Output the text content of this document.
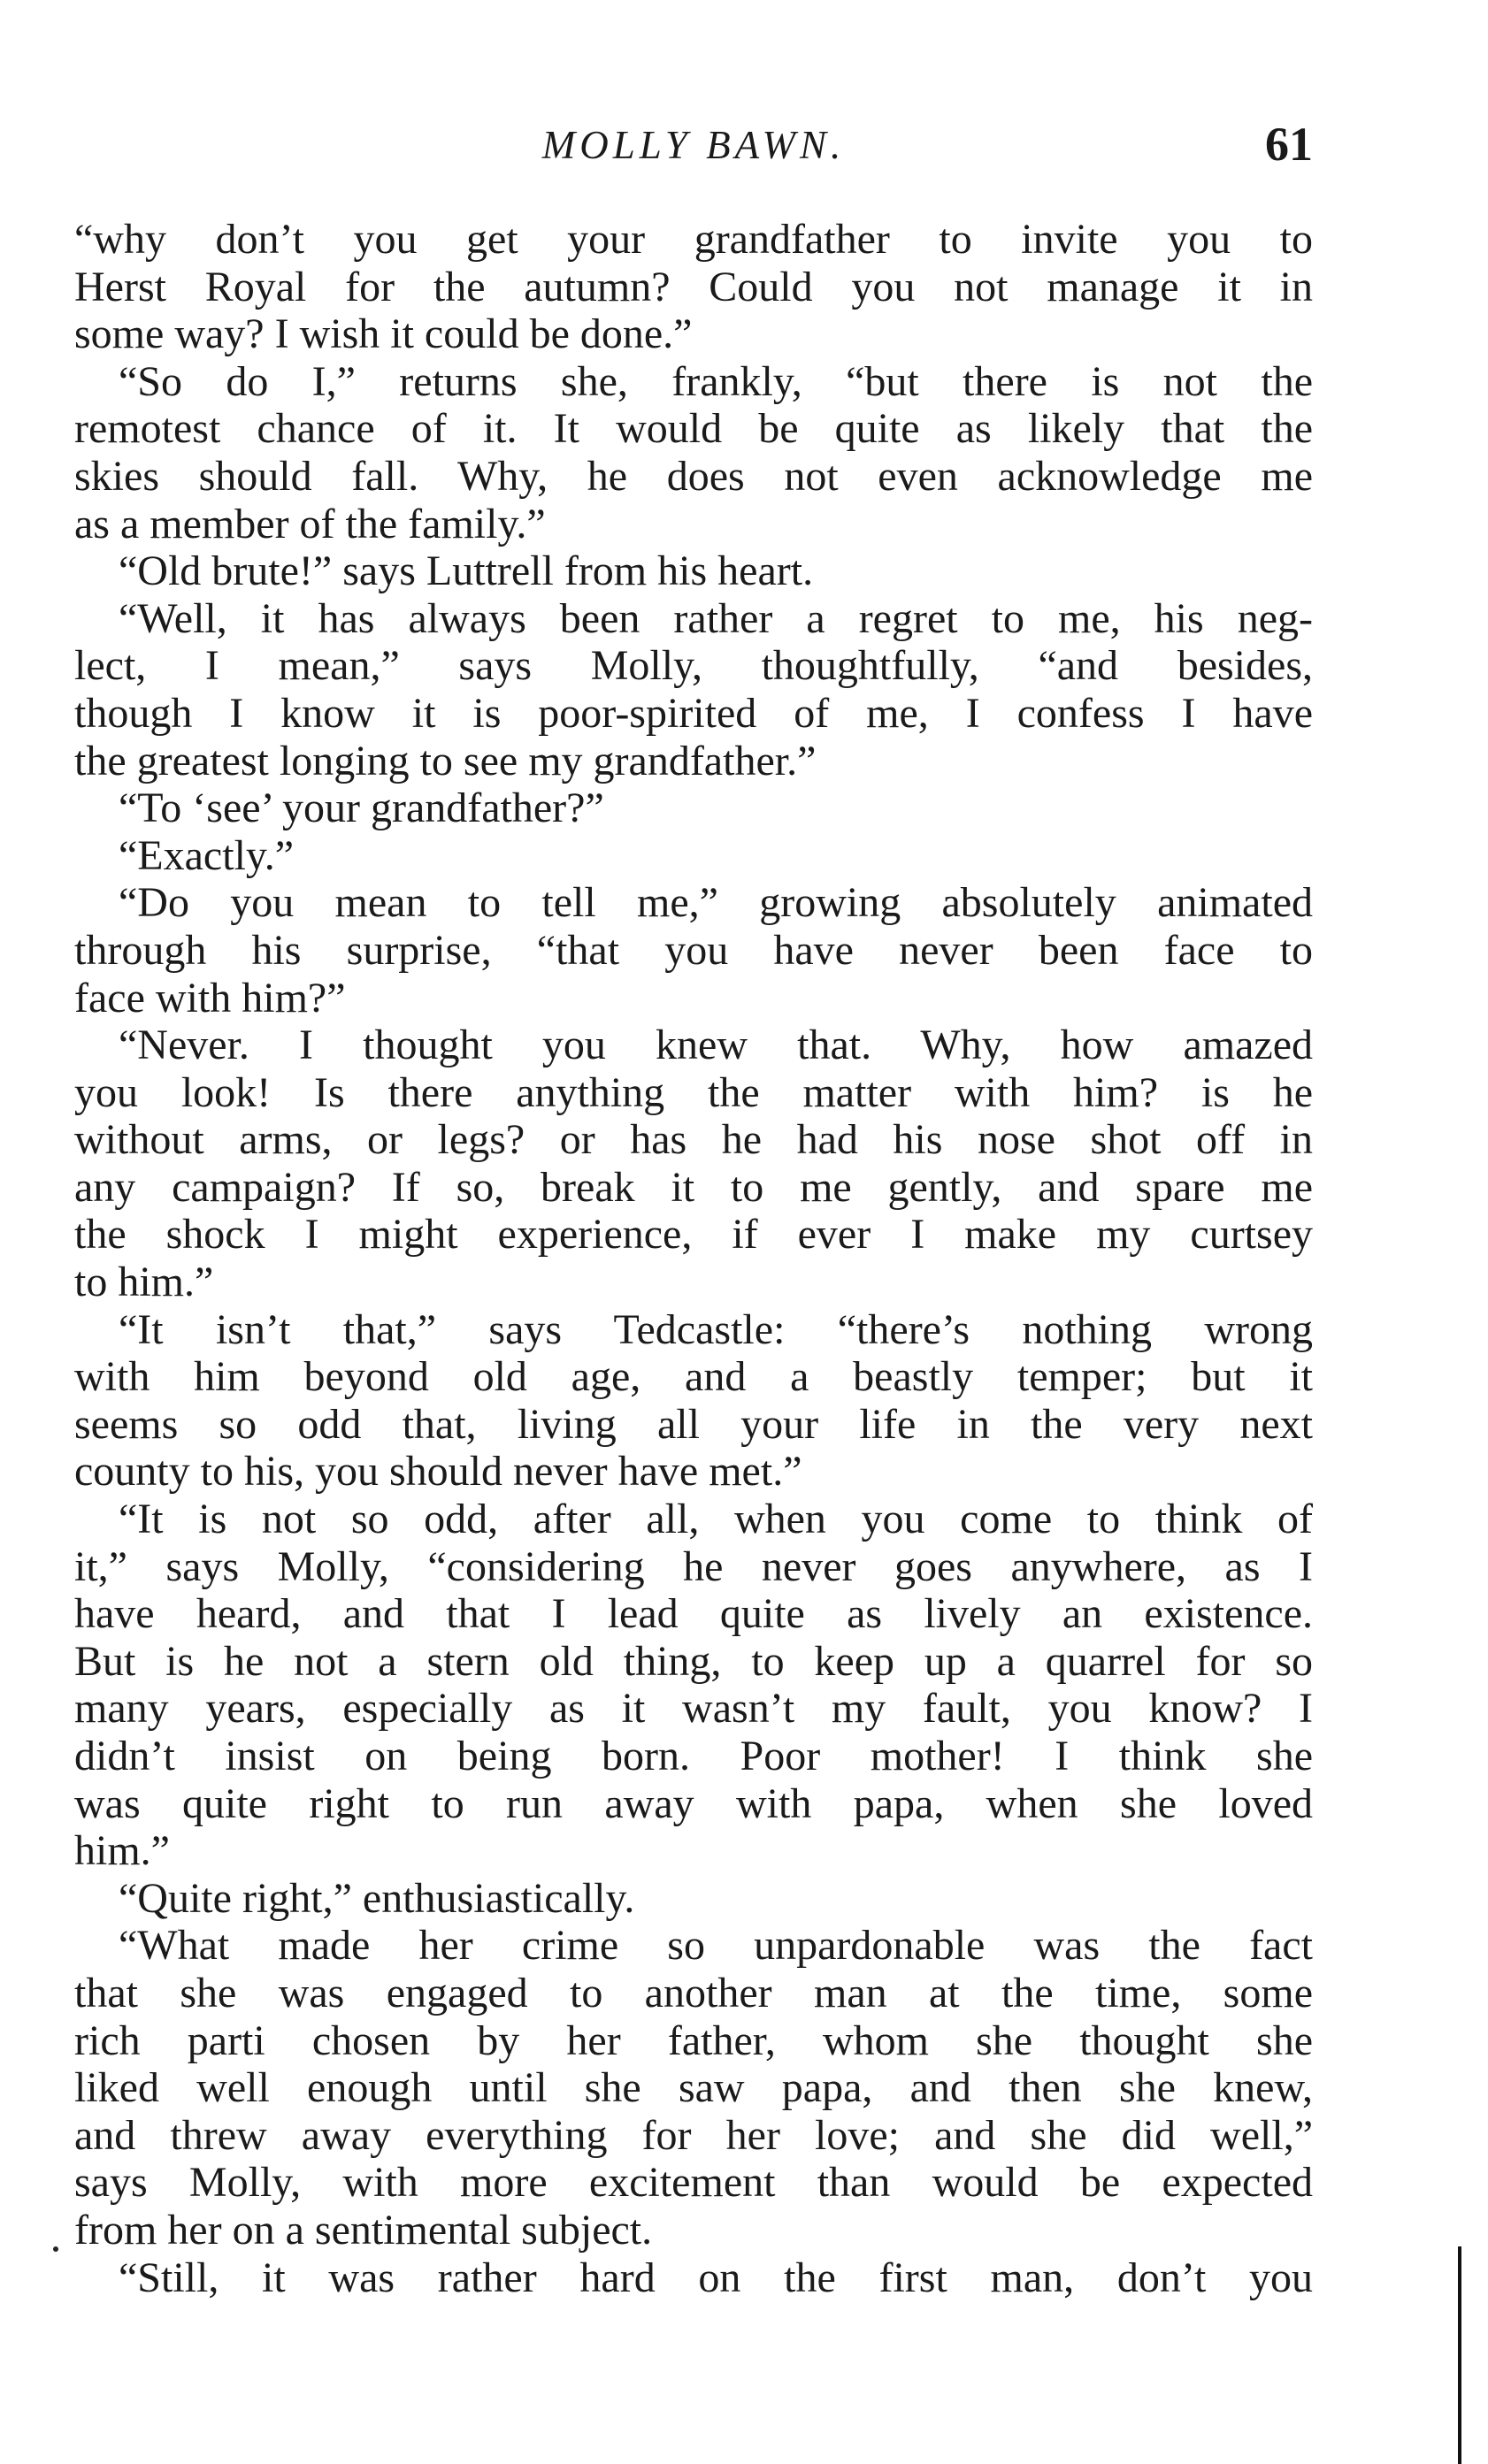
MOLLY BAWN.	61
“why don’t you get your grandfather to invite you to
Herst Royal for the autumn? Could you not manage it in
some way? I wish it could be done.”
“So do I,” returns she, frankly, “but there is not the
remotest chance of it. It would be quite as likely that the
skies should fall. Why, he does not even acknowledge me
as a member of the family.”
“Old brute!” says Luttrell from his heart.
“Well, it has always been rather a regret to me, his neg-
lect, I mean,” says Molly, thoughtfully, “and besides,
though I know it is poor-spirited of me, I confess I have
the greatest longing to see my grandfather.”
“To ‘see’ your grandfather?”
“Exactly.”
“Do you mean to tell me,” growing absolutely animated
through his surprise, “that you have never been face to
face with him?”
“Never. I thought you knew that. Why, how amazed
you look! Is there anything the matter with him? is he
without arms, or legs? or has he had his nose shot off in
any campaign? If so, break it to me gently, and spare me
the shock I might experience, if ever I make my curtsey
to him.”
“It isn’t that,” says Tedcastle: “there’s nothing wrong
with him beyond old age, and a beastly temper; but it
seems so odd that, living all your life in the very next
county to his, you should never have met.”
“It is not so odd, after all, when you come to think of
it,” says Molly, “considering he never goes anywhere, as I
have heard, and that I lead quite as lively an existence.
But is he not a stern old thing, to keep up a quarrel for so
many years, especially as it wasn’t my fault, you know? I
didn’t insist on being born. Poor mother! I think she
was quite right to run away with papa, when she loved
him.”
“Quite right,” enthusiastically.
“What made her crime so unpardonable was the fact
that she was engaged to another man at the time, some
rich parti chosen by her father, whom she thought she
liked well enough until she saw papa, and then she knew,
and threw away everything for her love; and she did well,”
says Molly, with more excitement than would be expected
from her on a sentimental subject.
“Still, it was rather hard on the first man, don’t you
